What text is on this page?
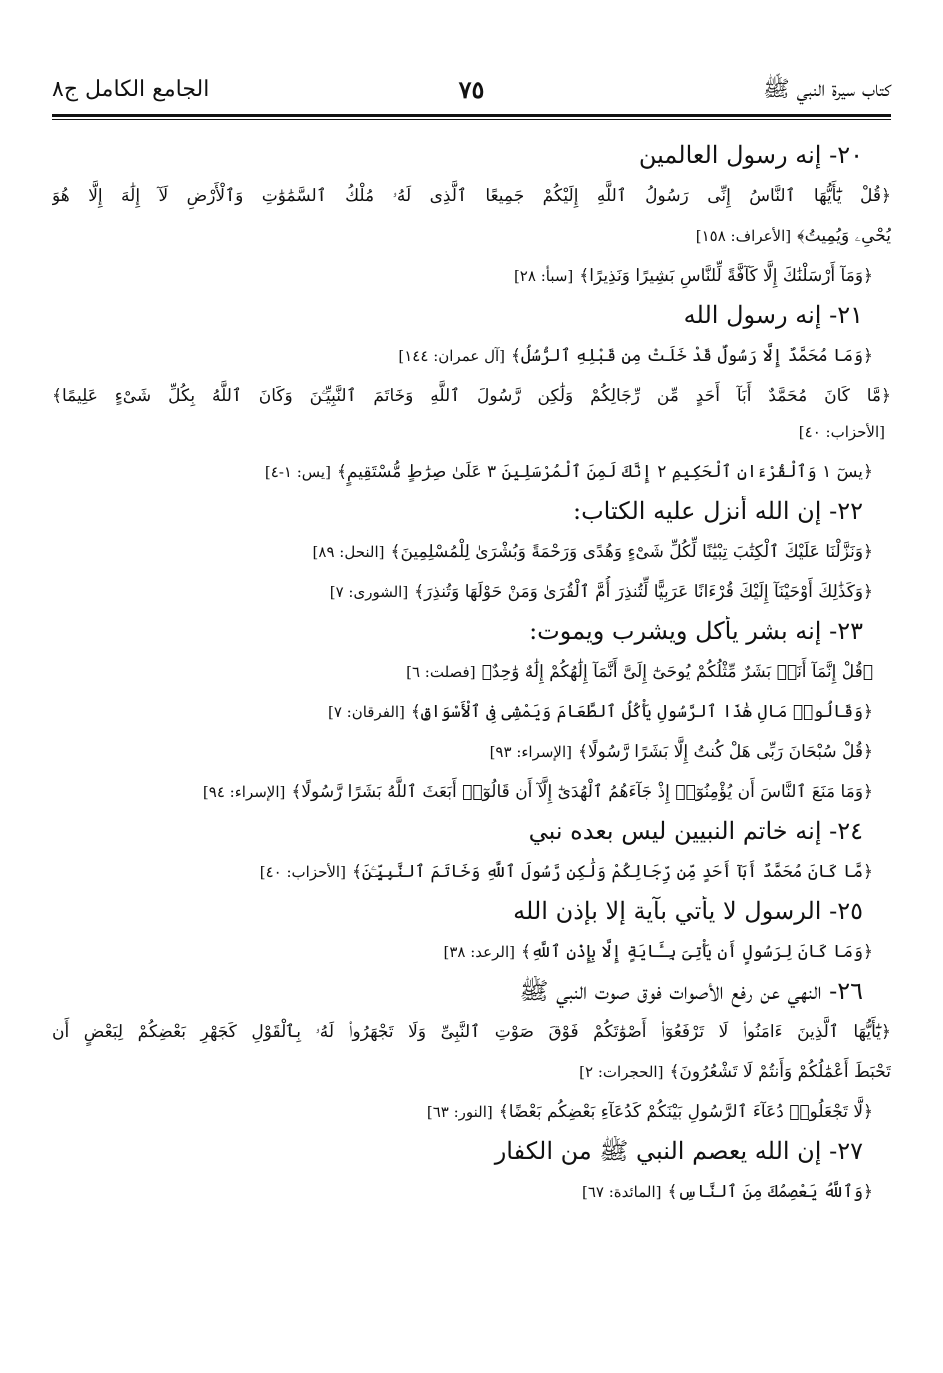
كتاب سيرة النبي ﷺ
٧٥
الجامع الكامل ج٨
٢٠- إنه رسول العالمين
﴿قُلْ يَٰٓأَيُّهَا ٱلنَّاسُ إِنِّى رَسُولُ ٱللَّهِ إِلَيْكُمْ جَمِيعًا ٱلَّذِى لَهُۥ مُلْكُ ٱلسَّمَٰوَٰتِ وَٱلْأَرْضِ لَآ إِلَٰهَ إِلَّا هُوَ
يُحْىِۦ وَيُمِيتُ﴾[الأعراف: ١٥٨]
﴿وَمَآ أَرْسَلْنَٰكَ إِلَّا كَآفَّةً لِّلنَّاسِ بَشِيرًا وَنَذِيرًا﴾[سبأ: ٢٨]
٢١- إنه رسول الله
﴿وَمَا مُحَمَّدٌ إِلَّا رَسُولٌ قَدْ خَلَتْ مِن قَبْلِهِ ٱلرُّسُلُ﴾[آل عمران: ١٤٤]
﴿مَّا كَانَ مُحَمَّدٌ أَبَآ أَحَدٍ مِّن رِّجَالِكُمْ وَلَٰكِن رَّسُولَ ٱللَّهِ وَخَاتَمَ ٱلنَّبِيِّـۧنَ وَكَانَ ٱللَّهُ بِكُلِّ شَىْءٍ عَلِيمًا﴾
[الأحزاب: ٤٠]
﴿يسٓ ١ وَٱلْقُرْءَانِ ٱلْحَكِيمِ ٢ إِنَّكَ لَمِنَ ٱلْمُرْسَلِينَ ٣ عَلَىٰ صِرَٰطٍ مُّسْتَقِيمٍ﴾[يس: ١-٤]
٢٢- إن الله أنزل عليه الكتاب:
﴿وَنَزَّلْنَا عَلَيْكَ ٱلْكِتَٰبَ تِبْيَٰنًا لِّكُلِّ شَىْءٍ وَهُدًى وَرَحْمَةً وَبُشْرَىٰ لِلْمُسْلِمِينَ﴾[النحل: ٨٩]
﴿وَكَذَٰلِكَ أَوْحَيْنَآ إِلَيْكَ قُرْءَانًا عَرَبِيًّا لِّتُنذِرَ أُمَّ ٱلْقُرَىٰ وَمَنْ حَوْلَهَا وَتُنذِرَ﴾[الشورى: ٧]
٢٣- إنه بشر يأكل ويشرب ويموت:
﴿قُلْ إِنَّمَآ أَنَا۠ بَشَرٌ مِّثْلُكُمْ يُوحَىٰٓ إِلَىَّ أَنَّمَآ إِلَٰهُكُمْ إِلَٰهٌ وَٰحِدٌ﴾[فصلت: ٦]
﴿وَقَالُوا۟ مَالِ هَٰذَا ٱلرَّسُولِ يَأْكُلُ ٱلطَّعَامَ وَيَمْشِى فِى ٱلْأَسْوَاقِ﴾[الفرقان: ٧]
﴿قُلْ سُبْحَانَ رَبِّى هَلْ كُنتُ إِلَّا بَشَرًا رَّسُولًا﴾[الإسراء: ٩٣]
﴿وَمَا مَنَعَ ٱلنَّاسَ أَن يُؤْمِنُوٓا۟ إِذْ جَآءَهُمُ ٱلْهُدَىٰٓ إِلَّآ أَن قَالُوٓا۟ أَبَعَثَ ٱللَّهُ بَشَرًا رَّسُولًا﴾[الإسراء: ٩٤]
٢٤- إنه خاتم النبيين ليس بعده نبي
﴿مَّا كَانَ مُحَمَّدٌ أَبَآ أَحَدٍ مِّن رِّجَالِكُمْ وَلَٰكِن رَّسُولَ ٱللَّهِ وَخَاتَمَ ٱلنَّبِيِّـۧنَ﴾[الأحزاب: ٤٠]
٢٥- الرسول لا يأتي بآية إلا بإذن الله
﴿وَمَا كَانَ لِرَسُولٍ أَن يَأْتِىَ بِـَٔايَةٍ إِلَّا بِإِذْنِ ٱللَّهِ﴾[الرعد: ٣٨]
٢٦- النهي عن رفع الأصوات فوق صوت النبي ﷺ
﴿يَٰٓأَيُّهَا ٱلَّذِينَ ءَامَنُوا۟ لَا تَرْفَعُوٓا۟ أَصْوَٰتَكُمْ فَوْقَ صَوْتِ ٱلنَّبِىِّ وَلَا تَجْهَرُوا۟ لَهُۥ بِٱلْقَوْلِ كَجَهْرِ بَعْضِكُمْ لِبَعْضٍ أَن
تَحْبَطَ أَعْمَٰلُكُمْ وَأَنتُمْ لَا تَشْعُرُونَ﴾[الحجرات: ٢]
﴿لَّا تَجْعَلُوا۟ دُعَآءَ ٱلرَّسُولِ بَيْنَكُمْ كَدُعَآءِ بَعْضِكُم بَعْضًا﴾[النور: ٦٣]
٢٧- إن الله يعصم النبي ﷺ من الكفار
﴿وَٱللَّهُ يَعْصِمُكَ مِنَ ٱلنَّاسِ﴾[المائدة: ٦٧]
